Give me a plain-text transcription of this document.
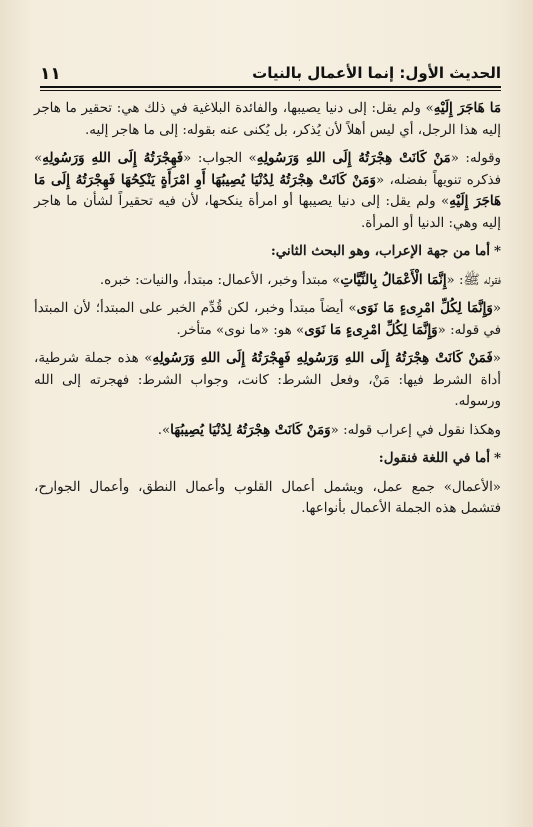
الحديث الأول: إنما الأعمال بالنيات
١١

مَا هَاجَرَ إِلَيْهِ» ولم يقل: إلى دنيا يصيبها، والفائدة البلاغية في ذلك هي: تحقير ما هاجر إليه هذا الرجل، أي ليس أهلاً لأن يُذكر، بل يُكنى عنه بقوله: إلى ما هاجر إليه.

وقوله: «مَنْ كَانَتْ هِجْرَتُهُ إِلَى اللهِ وَرَسُولِهِ» الجواب: «فَهِجْرَتُهُ إِلَى اللهِ وَرَسُولِهِ» فذكره تنويهاً بفضله، «وَمَنْ كَانَتْ هِجْرَتُهُ لِدُنْيَا يُصِيبُهَا أَوِ امْرَأَةٍ يَنْكِحُهَا فَهِجْرَتُهُ إِلَى مَا هَاجَرَ إِلَيْهِ» ولم يقل: إلى دنيا يصيبها أو امرأة ينكحها، لأن فيه تحقيراً لشأن ما هاجر إليه وهي: الدنيا أو المرأة.

*أما من جهة الإعراب، وهو البحث الثاني:

فقوله ﷺ: «إِنَّمَا الْأَعْمَالُ بِالنِّيَّاتِ» مبتدأ وخبر، الأعمال: مبتدأ، والنيات: خبره.

«وَإِنَّمَا لِكُلِّ امْرِىءٍ مَا نَوَى» أيضاً مبتدأ وخبر، لكن قُدِّم الخبر على المبتدأ؛ لأن المبتدأ في قوله: «وَإِنَّمَا لِكُلِّ امْرِىءٍ مَا نَوَى» هو: «ما نوى» متأخر.

«فَمَنْ كَانَتْ هِجْرَتُهُ إِلَى اللهِ وَرَسُولِهِ فَهِجْرَتُهُ إِلَى اللهِ وَرَسُولِهِ» هذه جملة شرطية، أداة الشرط فيها: مَنْ، وفعل الشرط: كانت، وجواب الشرط: فهجرته إلى الله ورسوله.

وهكذا نقول في إعراب قوله: «وَمَنْ كَانَتْ هِجْرَتُهُ لِدُنْيَا يُصِيبُهَا».

*أما في اللغة فنقول:

«الأعمال» جمع عمل، ويشمل أعمال القلوب وأعمال النطق، وأعمال الجوارح، فتشمل هذه الجملة الأعمال بأنواعها.
